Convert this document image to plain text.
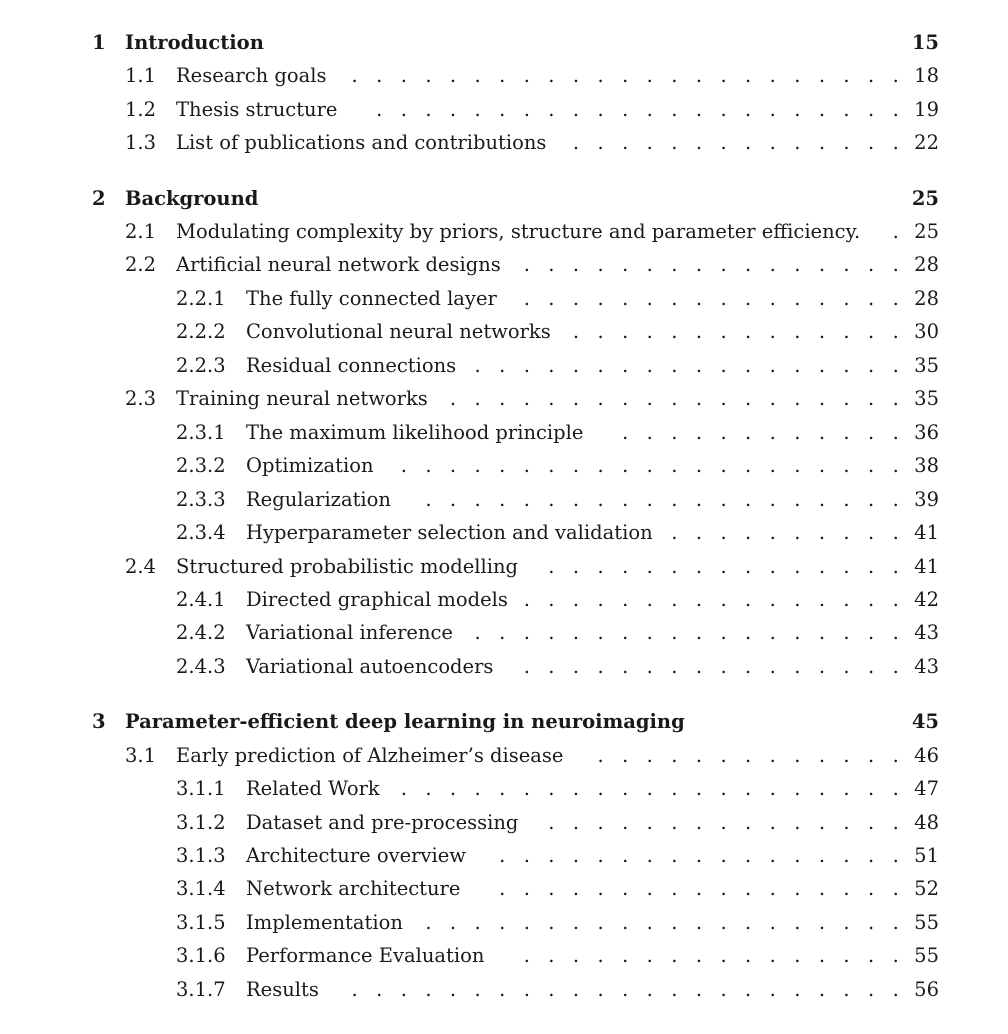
1 Introduction	15
1.1 Research goals	. . . . . . . . . . . . . . . . . . . . . . . 18
1.2 Thesis structure	. . . . . . . . . . . . . . . . . . . . . . 19
1.3 List of publications and contributions	. . . . . . . . . . . . . . 22
2 Background	25
2.1 Modulating complexity by priors, structure and parameter efficiency.	. 25
2.2 Artificial neural network designs	. . . . . . . . . . . . . . . . 28
2.2.1 The fully connected layer	. . . . . . . . . . . . . . . . 28
2.2.2 Convolutional neural networks	. . . . . . . . . . . . . . 30
2.2.3 Residual connections . . . . . . . . . . . . . . . . . . 35
2.3 Training neural networks	. . . . . . . . . . . . . . . . . . . 35
2.3.1 The maximum likelihood principle	. . . . . . . . . . . . 36
2.3.2 Optimization	. . . . . . . . . . . . . . . . . . . . . 38
2.3.3 Regularization	. . . . . . . . . . . . . . . . . . . . 39
2.3.4 Hyperparameter selection and validation . . . . . . . . . . 41
2.4 Structured probabilistic modelling	. . . . . . . . . . . . . . . 41
2.4.1 Directed graphical models . . . . . . . . . . . . . . . . 42
2.4.2 Variational inference	. . . . . . . . . . . . . . . . . . 43
2.4.3 Variational autoencoders	. . . . . . . . . . . . . . . . 43
3 Parameter-efficient deep learning in neuroimaging	45
3.1 Early prediction of Alzheimer’s disease	. . . . . . . . . . . . . 46
3.1.1 Related Work	. . . . . . . . . . . . . . . . . . . . . 47
3.1.2 Dataset and pre-processing	. . . . . . . . . . . . . . . 48
3.1.3 Architecture overview	. . . . . . . . . . . . . . . . . 51
3.1.4 Network architecture	. . . . . . . . . . . . . . . . . 52
3.1.5 Implementation	. . . . . . . . . . . . . . . . . . . . 55
3.1.6 Performance Evaluation	. . . . . . . . . . . . . . . . 55
3.1.7 Results	. . . . . . . . . . . . . . . . . . . . . . . 56
